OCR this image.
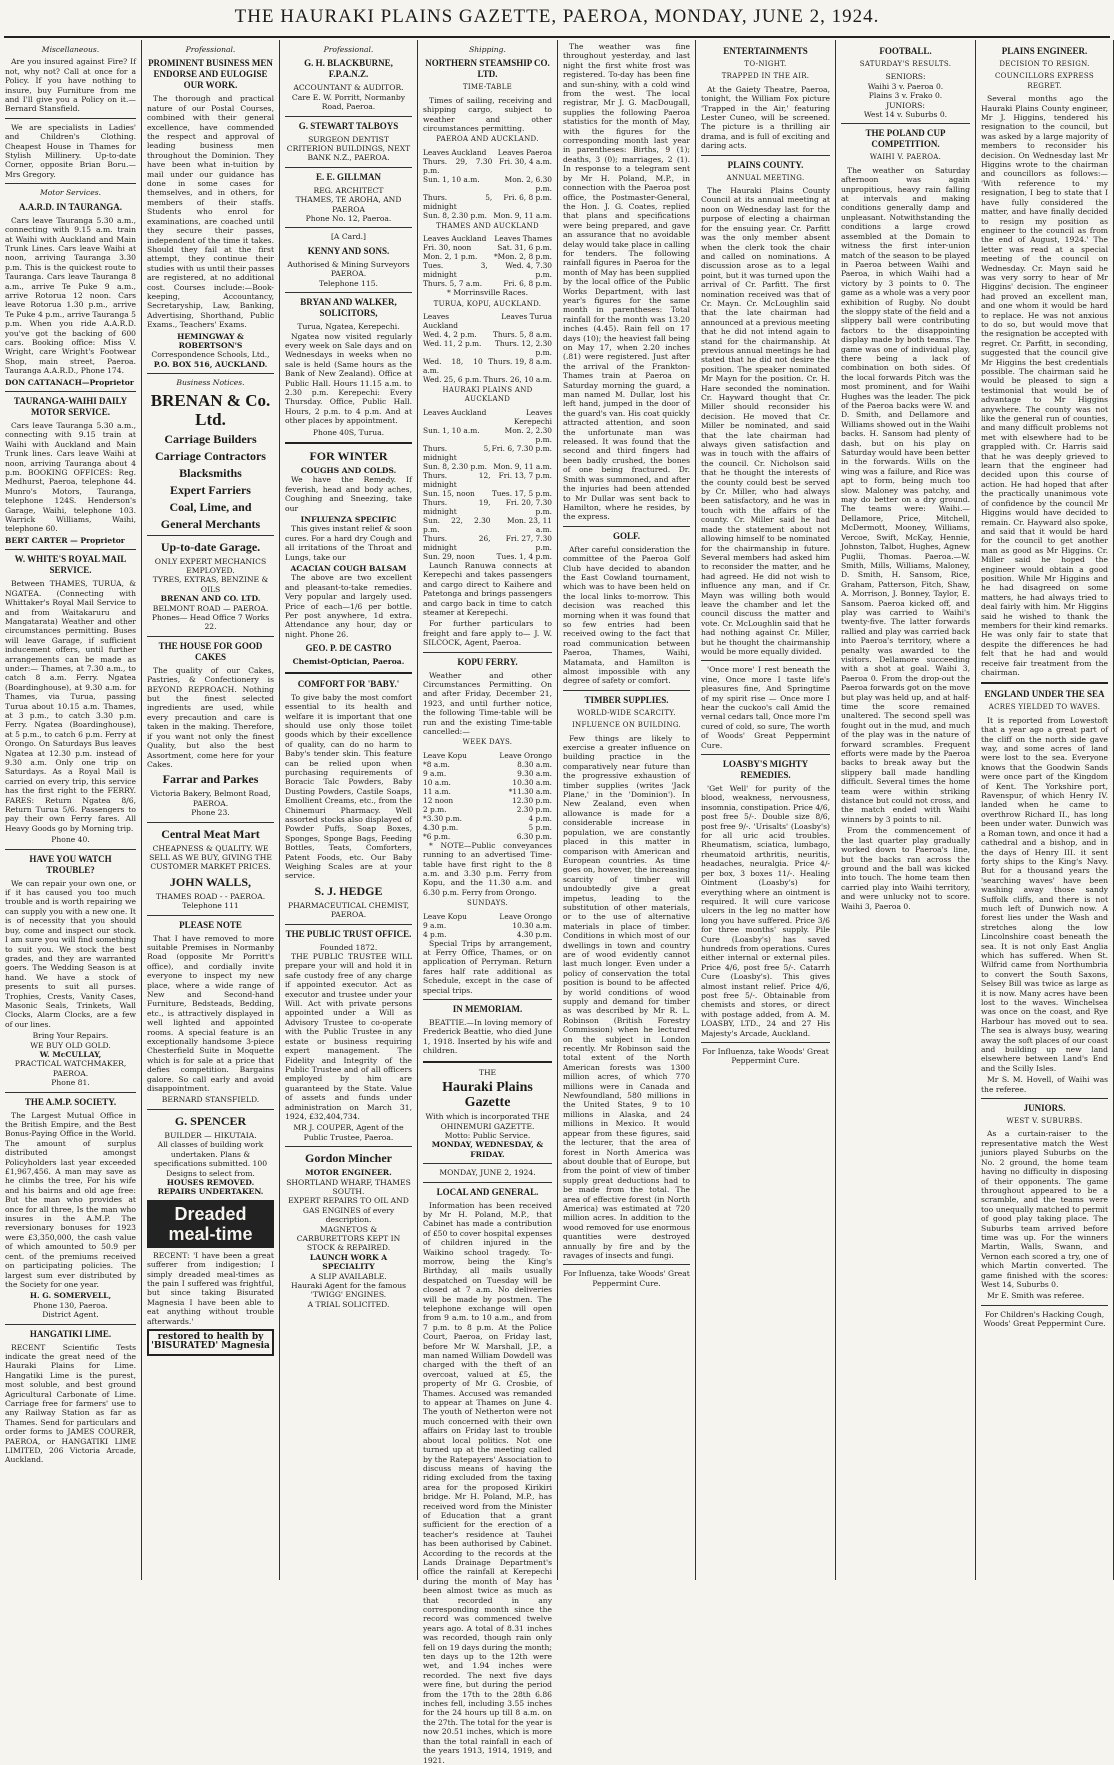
THE HAURAKI PLAINS GAZETTE, PAEROA, MONDAY, JUNE 2, 1924.
Miscellaneous.

Are you insured against Fire? If not, why not? Call at once for a Policy. If you have nothing to insure, buy Furniture from me and I'll give you a Policy on it.—Bernard Stansfield.

We are specialists in Ladies' and Children's Clothing. Cheapest House in Thames for Stylish Millinery. Up-to-date Corner, opposite Brian Boru.—Mrs Gregory.

Motor Services.
A.A.R.D. IN TAURANGA.

Cars leave Tauranga 5.30 a.m., connecting with 9.15 a.m. train at Waihi with Auckland and Main Trunk Lines. Cars leave Waihi at noon, arriving Tauranga 3.30 p.m. This is the quickest route to Tauranga. Cars leave Tauranga 8 a.m., arrive Te Puke 9 a.m., arrive Rotorua 12 noon. Cars leave Rotorua 1.30 p.m., arrive Te Puke 4 p.m., arrive Tauranga 5 p.m. When you ride A.A.R.D. you've got the backing of 600 cars. Booking office: Miss V. Wright, care Wright's Footwear Shop, main street, Paeroa. Tauranga A.A.R.D., Phone 174.

DON CATTANACH—Proprietor
TAURANGA-WAIHI DAILY MOTOR SERVICE.

Cars leave Tauranga 5.30 a.m., connecting with 9.15 train at Waihi with Auckland and Main Trunk lines. Cars leave Waihi at noon, arriving Tauranga about 4 p.m. BOOKING OFFICES: Reg. Medhurst, Paeroa, telephone 44. Munro's Motors, Tauranga, telephone 124S. Henderson's Garage, Waihi, telephone 103. Warrick Williams, Waihi, telephone 60.

BERT CARTER — Proprietor
W. WHITE'S ROYAL MAIL SERVICE.

Between THAMES, TURUA, & NGATEA. (Connecting with Whittaker's Royal Mail Service to and from Waitakaruru and Mangatarata) Weather and other circumstances permitting. Buses will leave Garage, if sufficient inducement offers, until further arrangements can be made as under:— Thames, at 7.30 a.m., to catch 8 a.m. Ferry. Ngatea (Boardinghouse), at 9.30 a.m. for Thames, via Turua, passing Turua about 10.15 a.m. Thames, at 3 p.m., to catch 3.30 p.m. Ferry. Ngatea (Boardinghouse), at 5 p.m., to catch 6 p.m. Ferry at Orongo. On Saturdays Bus leaves Ngatea at 12.30 p.m. instead of 9.30 a.m. Only one trip on Saturdays. As a Royal Mail is carried on every trip, this service has the first right to the FERRY. FARES: Return Ngatea 8/6, Return Turua 5/6. Passengers to pay their own Ferry fares. All Heavy Goods go by Morning trip.

Phone 40.
HAVE YOU WATCH TROUBLE?

We can repair your own one, or if it has caused you too much trouble and is worth repairing we can supply you with a new one. It is of necessity that you should buy, come and inspect our stock. I am sure you will find something to suit you. We stock the best grades, and they are warranted goers. The Wedding Season is at hand. We have a stock of presents to suit all purses. Trophies, Crests, Vanity Cases, Masonic Seals, Trinkets, Wall Clocks, Alarm Clocks, are a few of our lines.

Bring Your Repairs.
WE BUY OLD GOLD.
W. McCULLAY,
PRACTICAL WATCHMAKER, PAEROA.
Phone 81.
THE A.M.P. SOCIETY.

The Largest Mutual Office in the British Empire, and the Best Bonus-Paying Office in the World. The amount of surplus distributed amongst Policyholders last year exceeded £1,967,456. A man may save as he climbs the tree, For his wife and his bairns and old age free: But the man who provides at once for all three, Is the man who insures in the A.M.P. The reversionary bonuses for 1923 were £3,350,000, the cash value of which amounted to 50.9 per cent. of the premiums received on participating policies. The largest sum ever distributed by the Society for one year.

H. G. SOMERVELL,
Phone 130, Paeroa.
District Agent.
HANGATIKI LIME.

RECENT Scientific Tests indicate the great need of the Hauraki Plains for Lime. Hangatiki Lime is the purest, most soluble, and best ground Agricultural Carbonate of Lime. Carriage free for farmers' use to any Railway Station as far as Thames. Send for particulars and order forms to JAMES COURER, PAEROA, or HANGATIKI LIME LIMITED, 206 Victoria Arcade, Auckland.

Professional.
PROMINENT BUSINESS MEN ENDORSE AND EULOGISE OUR WORK.

The thorough and practical nature of our Postal Courses, combined with their general excellence, have commended the respect and approval of leading business men throughout the Dominion. They have been what in-tuition by mail under our guidance has done in some cases for themselves, and in others, for members of their staffs. Students who enrol for examinations, are coached until they secure their passes, independent of the time it takes. Should they fail at the first attempt, they continue their studies with us until their passes are registered, at no additional cost. Courses include:—Book-keeping, Accountancy, Secretaryship, Law, Banking, Advertising, Shorthand, Public Exams., Teachers' Exams.

HEMINGWAY & ROBERTSON'S
Correspondence Schools, Ltd.,
P.O. BOX 516, AUCKLAND.
Business Notices.
BRENAN & Co. Ltd.
Carriage Builders
Carriage Contractors
Blacksmiths
Expert Farriers
Coal, Lime, and
General Merchants
Up-to-date Garage.
ONLY EXPERT MECHANICS EMPLOYED.
TYRES, EXTRAS, BENZINE & OILS
BRENAN AND CO. LTD.
BELMONT ROAD — PAEROA.
Phones— Head Office 7 Works 22.
THE HOUSE FOR GOOD CAKES

The quality of our Cakes, Pastries, & Confectionery is BEYOND REPROACH. Nothing but the finest selected ingredients are used, while every precaution and care is taken in the making. Therefore, if you want not only the finest Quality, but also the best Assortment, come here for your Cakes.

Farrar and Parkes
Victoria Bakery, Belmont Road, PAEROA.
Phone 23.
Central Meat Mart
CHEAPNESS & QUALITY. WE SELL AS WE BUY, GIVING THE CUSTOMER MARKET PRICES.
JOHN WALLS,
THAMES ROAD - - PAEROA.
Telephone 111
PLEASE NOTE

That I have removed to more suitable Premises in Normanby Road (opposite Mr Porritt's office), and cordially invite everyone to inspect my new place, where a wide range of New and Second-hand Furniture, Bedsteads, Bedding, etc., is attractively displayed in well lighted and appointed rooms. A special feature is an exceptionally handsome 3-piece Chesterfield Suite in Moquette which is for sale at a price that defies competition. Bargains galore. So call early and avoid disappointment.

BERNARD STANSFIELD.
G. SPENCER
BUILDER — HIKUTAIA.
All classes of building work undertaken. Plans & specifications submitted. 100 Designs to select from.
HOUSES REMOVED. REPAIRS UNDERTAKEN.
Dreaded meal-time

RECENT: 'I have been a great sufferer from indigestion; I simply dreaded meal-times as the pain I suffered was frightful, but since taking Bisurated Magnesia I have been able to eat anything without trouble afterwards.'

restored to health by 'BISURATED' Magnesia
Professional.
G. H. BLACKBURNE, F.P.A.N.Z.
ACCOUNTANT & AUDITOR.
Care E. W. Porritt, Normanby Road, Paeroa.
G. STEWART TALBOYS
SURGEON DENTIST
CRITERION BUILDINGS, NEXT BANK N.Z., PAEROA.
E. E. GILLMAN
REG. ARCHITECT
THAMES, TE AROHA, AND PAEROA
Phone No. 12, Paeroa.
[A Card.]
KENNY AND SONS.
Authorised & Mining Surveyors PAEROA.
Telephone 115.
BRYAN AND WALKER, SOLICITORS,
Turua, Ngatea, Kerepechi.

Ngatea now visited regularly every week on Sale days and on Wednesdays in weeks when no sale is held (Same hours as the Bank of New Zealand). Office at Public Hall. Hours 11.15 a.m. to 2.30 p.m. Kerepechi: Every Thursday. Office, Public Hall. Hours, 2 p.m. to 4 p.m. And at other places by appointment.

Phone 40S, Turua.
FOR WINTER
COUGHS AND COLDS.

We have the Remedy. If feverish, head and body aches, Coughing and Sneezing, take our

INFLUENZA SPECIFIC

This gives instant relief & soon cures. For a hard dry Cough and all irritations of the Throat and Lungs, take our

ACACIAN COUGH BALSAM

The above are two excellent and pleasant-to-take remedies. Very popular and largely used. Price of each—1/6 per bottle. Per post anywhere, 1d extra. Attendance any hour, day or night. Phone 26.

GEO. P. DE CASTRO
Chemist-Optician, Paeroa.
COMFORT FOR 'BABY.'

To give baby the most comfort essential to its health and welfare it is important that one should use only those toilet goods which by their excellence of quality, can do no harm to Baby's tender skin. This feature can be relied upon when purchasing requirements of Boracic Talc Powders, Baby Dusting Powders, Castile Soaps, Emollient Creams, etc., from the Chinemuri Pharmacy. Well assorted stocks also displayed of Powder Puffs, Soap Boxes, Sponges, Sponge Bags, Feeding Bottles, Teats, Comforters, Patent Foods, etc. Our Baby Weighing Scales are at your service.

S. J. HEDGE
PHARMACEUTICAL CHEMIST, PAEROA.
THE PUBLIC TRUST OFFICE.
Founded 1872.

THE PUBLIC TRUSTEE WILL prepare your will and hold it in safe custody free of any charge if appointed executor. Act as executor and trustee under your Will. Act with private persons appointed under a Will as Advisory Trustee to co-operate with the Public Trustee in any estate or business requiring expert management. The Fidelity and Integrity of the Public Trustee and of all officers employed by him are guaranteed by the State. Value of assets and funds under administration on March 31, 1924, £32,404,734.

MR J. COUPER, Agent of the Public Trustee, Paeroa.
Gordon Mincher
MOTOR ENGINEER.
SHORTLAND WHARF, THAMES SOUTH.
EXPERT REPAIRS TO OIL AND GAS ENGINES of every description.
MAGNETOS & CARBURETTORS KEPT IN STOCK & REPAIRED.
LAUNCH WORK A SPECIALITY
A SLIP AVAILABLE.
Hauraki Agent for the famous 'TWIGG' ENGINES.
A TRIAL SOLICITED.
Shipping.
NORTHERN STEAMSHIP CO. LTD.
TIME-TABLE

Times of sailing, receiving and shipping cargo, subject to weather and other circumstances permitting.

PAEROA AND AUCKLAND.
Leaves Auckland	Leaves Paeroa
Thurs. 29, 7.30 p.m.	Fri. 30, 4 a.m.
Sun. 1, 10 a.m.	Mon. 2, 6.30 p.m.
Thurs. 5, midnight	Fri. 6, 8 p.m.
Sun. 8, 2.30 p.m.	Mon. 9, 11 a.m.
THAMES AND AUCKLAND
Leaves Auckland	Leaves Thames
Fri. 30, noon	Sat. 31, 6 p.m.
Mon. 2, 1 p.m.	*Mon. 2, 8 p.m.
Tues. 3, midnight	Wed. 4, 7.30 p.m.
Thurs. 5, 7 a.m.	Fri. 6, 8 p.m.
* Morrinsville Races.
TURUA, KOPU, AUCKLAND.
Leaves Auckland	Leaves Turua
Wed. 4, 2 p.m.	Thurs. 5, 8 a.m.
Wed. 11, 2 p.m.	Thurs. 12, 2.30 p.m.
Wed. 18, 10 a.m.	Thurs. 19, 8 a.m.
Wed. 25, 6 p.m.	Thurs. 26, 10 a.m.
HAURAKI PLAINS AND AUCKLAND
Leaves Auckland	Leaves Kerepechi
Sun. 1, 10 a.m.	Mon. 2, 2.30 p.m.
Thurs. 5, midnight	Fri. 6, 7.30 p.m.
Sun. 8, 2.30 p.m.	Mon. 9, 11 a.m.
Thurs. 12, midnight	Fri. 13, 7 p.m.
Sun. 15, noon	Tues. 17, 5 p.m.
Thurs. 19, midnight	Fri. 20, 7.30 p.m.
Sun. 22, 2.30 p.m.	Mon. 23, 11 a.m.
Thurs. 26, midnight	Fri. 27, 7.30 p.m.
Sun. 29, noon	Tues. 1, 4 p.m.

Launch Ranuwa connects at Kerepechi and takes passengers and cargo direct to Kaihere and Patetonga and brings passengers and cargo back in time to catch steamer at Kerepechi.

For further particulars to freight and fare apply to— J. W. SILCOCK, Agent, Paeroa.

KOPU FERRY.

Weather and other Circumstances Permitting. On and after Friday, December 21, 1923, and until further notice, the following Time-table will be run and the existing Time-table cancelled:—

WEEK DAYS.
Leave Kopu	Leave Orongo
*8 a.m.	8.30 a.m.
9 a.m.	9.30 a.m.
10 a.m.	10.30 a.m.
11 a.m.	*11.30 a.m.
12 noon	12.30 p.m.
2 p.m.	2.30 p.m.
*3.30 p.m.	4 p.m.
4.30 p.m.	5 p.m.
*6 p.m.	6.30 p.m.

* NOTE—Public conveyances running to an advertised Time-table have first right to the 8 a.m. and 3.30 p.m. Ferry from Kopu, and the 11.30 a.m. and 6.30 p.m. Ferry from Orongo.

SUNDAYS.
Leave Kopu	Leave Orongo
9 a.m.	10.30 a.m.
4 p.m.	4.30 p.m.

Special Trips by arrangement, at Ferry Office, Thames, or on application of Perryman. Return fares half rate additional as Schedule, except in the case of special trips.

IN MEMORIAM.

BEATTIE.—In loving memory of Frederick Beattie, who died June 1, 1918. Inserted by his wife and children.

THE
Hauraki Plains Gazette
With which is incorporated THE OHINEMURI GAZETTE.
Motto: Public Service.
MONDAY, WEDNESDAY, & FRIDAY.
MONDAY, JUNE 2, 1924.
LOCAL AND GENERAL.

Information has been received by Mr H. Poland, M.P., that Cabinet has made a contribution of £50 to cover hospital expenses of children injured in the Waikino school tragedy. To-morrow, being the King's Birthday, all mails usually despatched on Tuesday will be closed at 7 a.m. No deliveries will be made by postmen. The telephone exchange will open from 9 a.m. to 10 a.m., and from 7 p.m. to 8 p.m. At the Police Court, Paeroa, on Friday last, before Mr W. Marshall, J.P., a man named William Dowdell was charged with the theft of an overcoat, valued at £5, the property of Mr G. Crosbie, of Thames. Accused was remanded to appear at Thames on June 4. The youth of Netherton were not much concerned with their own affairs on Friday last to trouble about local politics. Not one turned up at the meeting called by the Ratepayers' Association to discuss means of having the riding excluded from the taxing area for the proposed Kirikiri bridge. Mr H. Poland, M.P., has received word from the Minister of Education that a grant sufficient for the erection of a teacher's residence at Tauhei has been authorised by Cabinet. According to the records at the Lands Drainage Department's office the rainfall at Kerepechi during the month of May has been almost twice as much as that recorded in any corresponding month since the record was commenced twelve years ago. A total of 8.31 inches was recorded, though rain only fell on 19 days during the month; ten days up to the 12th were wet, and 1.94 inches were recorded. The next five days were fine, but during the period from the 17th to the 28th 6.86 inches fell, including 3.55 inches for the 24 hours up till 8 a.m. on the 27th. The total for the year is now 20.51 inches, which is more than the total rainfall in each of the years 1913, 1914, 1919, and 1921.

The weather was fine throughout yesterday, and last night the first white frost was registered. To-day has been fine and sun-shiny, with a cold wind from the west. The local registrar, Mr J. G. MacDougall, supplies the following Paeroa statistics for the month of May, with the figures for the corresponding month last year in parentheses: Births, 9 (1); deaths, 3 (0); marriages, 2 (1). In response to a telegram sent by Mr H. Poland, M.P., in connection with the Paeroa post office, the Postmaster-General, the Hon. J. G. Coates, replied that plans and specifications were being prepared, and gave an assurance that no avoidable delay would take place in calling for tenders. The following rainfall figures in Paeroa for the month of May has been supplied by the local office of the Public Works Department, with last year's figures for the same month in parentheses: Total rainfall for the month was 13.20 inches (4.45). Rain fell on 17 days (10); the heaviest fall being on May 17, when 2.20 inches (.81) were registered. Just after the arrival of the Frankton-Thames train at Paeroa on Saturday morning the guard, a man named M. Dullar, lost his left hand, jumped in the door of the guard's van. His coat quickly attracted attention, and soon the unfortunate man was released. It was found that the second and third fingers had been badly crushed, the bones of one being fractured. Dr. Smith was summoned, and after the injuries had been attended to Mr Dullar was sent back to Hamilton, where he resides, by the express.

GOLF.

After careful consideration the committee of the Paeroa Golf Club have decided to abandon the East Cowland tournament, which was to have been held on the local links to-morrow. This decision was reached this morning when it was found that so few entries had been received owing to the fact that road communication between Paeroa, Thames, Waihi, Matamata, and Hamilton is almost impossible with any degree of safety or comfort.

TIMBER SUPPLIES.
WORLD-WIDE SCARCITY.
INFLUENCE ON BUILDING.

Few things are likely to exercise a greater influence on building practice in the comparatively near future than the progressive exhaustion of timber supplies (writes 'Jack Plane,' in the 'Dominion'). In New Zealand, even when allowance is made for a considerable increase in population, we are constantly placed in this matter in comparison with American and European countries. As time goes on, however, the increasing scarcity of timber will undoubtedly give a great impetus, leading to the substitution of other materials, or to the use of alternative materials in place of timber. Conditions in which most of our dwellings in town and country are of wood evidently cannot last much longer. Even under a policy of conservation the total position is bound to be affected by world conditions of wood supply and demand for timber as was described by Mr R. L. Robinson (British Forestry Commission) when he lectured on the subject in London recently. Mr Robinson said the total extent of the North American forests was 1300 million acres, of which 770 millions were in Canada and Newfoundland, 580 millions in the United States, 9 to 10 millions in Alaska, and 24 millions in Mexico. It would appear from these figures, said the lecturer, that the area of forest in North America was about double that of Europe, but from the point of view of timber supply great deductions had to be made from the total. The area of effective forest (in North America) was estimated at 720 million acres. In addition to the wood removed for use enormous quantities were destroyed annually by fire and by the ravages of insects and fungi.

For Influenza, take Woods' Great Peppermint Cure.
ENTERTAINMENTS
TO-NIGHT.
TRAPPED IN THE AIR.

At the Gaiety Theatre, Paeroa, tonight, the William Fox picture 'Trapped in the Air,' featuring Lester Cuneo, will be screened. The picture is a thrilling air drama, and is full of exciting and daring acts.

PLAINS COUNTY.
ANNUAL MEETING.

The Hauraki Plains County Council at its annual meeting at noon on Wednesday last for the purpose of electing a chairman for the ensuing year. Cr. Parfitt was the only member absent when the clerk took the chair and called on nominations. A discussion arose as to a legal point, but it was turned upon the arrival of Cr. Parfitt. The first nomination received was that of Cr. Mayn. Cr. McLoughlin said that the late chairman had announced at a previous meeting that he did not intend again to stand for the chairmanship. At previous annual meetings he had stated that he did not desire the position. The speaker nominated Mr Mayn for the position. Cr. H. Hare seconded the nomination. Cr. Hayward thought that Cr. Miller should reconsider his decision. He moved that Cr. Miller be nominated, and said that the late chairman had always given satisfaction and was in touch with the affairs of the council. Cr. Nicholson said that he thought the interests of the county could best be served by Cr. Miller, who had always been satisfactory, and he was in touch with the affairs of the county. Cr. Miller said he had made the statement about not allowing himself to be nominated for the chairmanship in future. Several members had asked him to reconsider the matter, and he had agreed. He did not wish to influence any man, and if Cr. Mayn was willing both would leave the chamber and let the council discuss the matter and vote. Cr. McLoughlin said that he had nothing against Cr. Miller, but he thought the chairmanship would be more equally divided.

'Once more' I rest beneath the vine, Once more I taste life's pleasures fine, And Springtime of my spirit rise — Once more I hear the cuckoo's call Amid the vernal cedars tall, Once more I'm cured of cold, so sure, The worth of Woods' Great Peppermint Cure.

LOASBY'S MIGHTY REMEDIES.

'Get Well' for purity of the blood, weakness, nervousness, insomnia, constipation. Price 4/6, post free 5/-. Double size 8/6, post free 9/-. 'Urisalts' (Loasby's) for all uric acid troubles. Rheumatism, sciatica, lumbago, rheumatoid arthritis, neuritis, headaches, neuralgia. Price 4/- per box, 3 boxes 11/-. Healing Ointment (Loasby's) for everything where an ointment is required. It will cure varicose ulcers in the leg no matter how long you have suffered. Price 3/6 for three months' supply. Pile Cure (Loasby's) has saved hundreds from operations. Cures either internal or external piles. Price 4/6, post free 5/-. Catarrh Cure (Loasby's). This gives almost instant relief. Price 4/6, post free 5/-. Obtainable from chemists and stores, or direct with postage added, from A. M. LOASBY, LTD., 24 and 27 His Majesty's Arcade, Auckland.

For Influenza, take Woods' Great Peppermint Cure.
FOOTBALL.
SATURDAY'S RESULTS.
SENIORS:
Waihi 3 v. Paeroa 0.
Plains 3 v. Frako 0.
JUNIORS:
West 14 v. Suburbs 0.
THE POLAND CUP COMPETITION.
WAIHI V. PAEROA.

The weather on Saturday afternoon was again unpropitious, heavy rain falling at intervals and making conditions generally damp and unpleasant. Notwithstanding the conditions a large crowd assembled at the Domain to witness the first inter-union match of the season to be played in Paeroa between Waihi and Paeroa, in which Waihi had a victory by 3 points to 0. The game as a whole was a very poor exhibition of Rugby. No doubt the sloppy state of the field and a slippery ball were contributing factors to the disappointing display made by both teams. The game was one of individual play, there being a lack of combination on both sides. Of the local forwards Pitch was the most prominent, and for Waihi Hughes was the leader. The pick of the Paeroa backs were W. and D. Smith, and Dellamore and Williams showed out in the Waihi backs. H. Sansom had plenty of dash, but on his play on Saturday would have been better in the forwards. Wills on the wing was a failure, and Rice was apt to form, being much too slow. Maloney was patchy, and may do better on a dry ground. The teams were: Waihi.—Dellamore, Price, Mitchell, McDermott, Mooney, Williams, Vercoe, Swift, McKay, Hennie, Johnston, Talbot, Hughes, Agnew Puglii, Thomas. Paeroa.—W. Smith, Mills, Williams, Maloney, D. Smith, H. Sansom, Rice, Graham, Patterson, Fitch, Shaw, A. Morrison, J. Bonney, Taylor, E. Sansom. Paeroa kicked off, and play was carried to Waihi's twenty-five. The latter forwards rallied and play was carried back into Paeroa's territory, where a penalty was awarded to the visitors. Dellamore succeeding with a shot at goal. Waihi 3, Paeroa 0. From the drop-out the Paeroa forwards got on the move but play was held up, and at half-time the score remained unaltered. The second spell was fought out in the mud, and much of the play was in the nature of forward scrambles. Frequent efforts were made by the Paeroa backs to break away but the slippery ball made handling difficult. Several times the home team were within striking distance but could not cross, and the match ended with Waihi winners by 3 points to nil.

From the commencement of the last quarter play gradually worked down to Paeroa's line, but the backs ran across the ground and the ball was kicked into touch. The home team then carried play into Waihi territory, and were unlucky not to score. Waihi 3, Paeroa 0.

PLAINS ENGINEER.
DECISION TO RESIGN.
COUNCILLORS EXPRESS REGRET.

Several months ago the Hauraki Plains County engineer, Mr J. Higgins, tendered his resignation to the council, but was asked by a large majority of members to reconsider his decision. On Wednesday last Mr Higgins wrote to the chairman and councillors as follows:— 'With reference to my resignation, I beg to state that I have fully considered the matter, and have finally decided to resign my position as engineer to the council as from the end of August, 1924.' The letter was read at a special meeting of the council on Wednesday. Cr. Mayn said he was very sorry to hear of Mr Higgins' decision. The engineer had proved an excellent man, and one whom it would be hard to replace. He was not anxious to do so, but would move that the resignation be accepted with regret. Cr. Parfitt, in seconding, suggested that the council give Mr Higgins the best credentials possible. The chairman said he would be pleased to sign a testimonial that would be of advantage to Mr Higgins anywhere. The county was not like the general run of counties, and many difficult problems not met with elsewhere had to be grappled with. Cr. Harris said that he was deeply grieved to learn that the engineer had decided upon this course of action. He had hoped that after the practically unanimous vote of confidence by the council Mr Higgins would have decided to remain. Cr. Hayward also spoke, and said that it would be hard for the council to get another man as good as Mr Higgins. Cr. Miller said he hoped the engineer would obtain a good position. While Mr Higgins and he had disagreed on some matters, he had always tried to deal fairly with him. Mr Higgins said he wished to thank the members for their kind remarks. He was only fair to state that despite the differences he had felt that he had and would receive fair treatment from the chairman.

ENGLAND UNDER THE SEA
ACRES YIELDED TO WAVES.

It is reported from Lowestoft that a year ago a great part of the cliff on the north side gave way, and some acres of land were lost to the sea. Everyone knows that the Goodwin Sands were once part of the Kingdom of Kent. The Yorkshire port, Ravenspur, of which Henry IV. landed when he came to overthrow Richard II., has long been under water. Dunwich was a Roman town, and once it had a cathedral and a bishop, and in the days of Henry III. it sent forty ships to the King's Navy. But for a thousand years the 'searching waves' have been washing away those sandy Suffolk cliffs, and there is not much left of Dunwich now. A forest lies under the Wash and stretches along the low Lincolnshire coast beneath the sea. It is not only East Anglia which has suffered. When St. Wilfrid came from Northumbria to convert the South Saxons, Selsey Bill was twice as large as it is now. Many acres have been lost to the waves. Winchelsea was once on the coast, and Rye Harbour has moved out to sea. The sea is always busy, wearing away the soft places of our coast and building up new land elsewhere between Land's End and the Scilly Isles.

Mr S. M. Hovell, of Waihi was the referee.

JUNIORS.
WEST V. SUBURBS.

As a curtain-raiser to the representative match the West juniors played Suburbs on the No. 2 ground, the home team having no difficulty in disposing of their opponents. The game throughout appeared to be a scramble, and the teams were too unequally matched to permit of good play taking place. The Suburbs team arrived before time was up. For the winners Martin, Walls, Swann, and Vernon each scored a try, one of which Martin converted. The game finished with the scores: West 14, Suburbs 0.

Mr E. Smith was referee.

For Children's Hacking Cough, Woods' Great Peppermint Cure.
